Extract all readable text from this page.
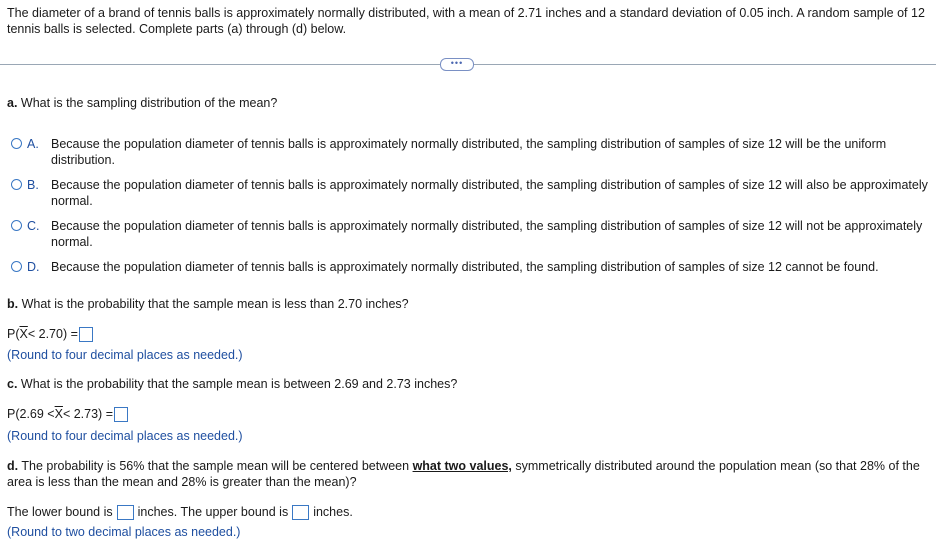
The diameter of a brand of tennis balls is approximately normally distributed, with a mean of 2.71 inches and a standard deviation of 0.05 inch. A random sample of 12 tennis balls is selected. Complete parts (a) through (d) below.
•••
a. What is the sampling distribution of the mean?
A. Because the population diameter of tennis balls is approximately normally distributed, the sampling distribution of samples of size 12 will be the uniform distribution.
B. Because the population diameter of tennis balls is approximately normally distributed, the sampling distribution of samples of size 12 will also be approximately normal.
C. Because the population diameter of tennis balls is approximately normally distributed, the sampling distribution of samples of size 12 will not be approximately normal.
D. Because the population diameter of tennis balls is approximately normally distributed, the sampling distribution of samples of size 12 cannot be found.
b. What is the probability that the sample mean is less than 2.70 inches?
P( $\overline{X} < 2.70$) =
(Round to four decimal places as needed.)
c. What is the probability that the sample mean is between 2.69 and 2.73 inches?
$P(2.69 < \overline{X} < 2.73)$ =
(Round to four decimal places as needed.)
d. The probability is 56% that the sample mean will be centered between what two values, symmetrically distributed around the population mean (so that 28% of the area is less than the mean and 28% is greater than the mean)?
The lower bound is inches. The upper bound is inches.
(Round to two decimal places as needed.)
